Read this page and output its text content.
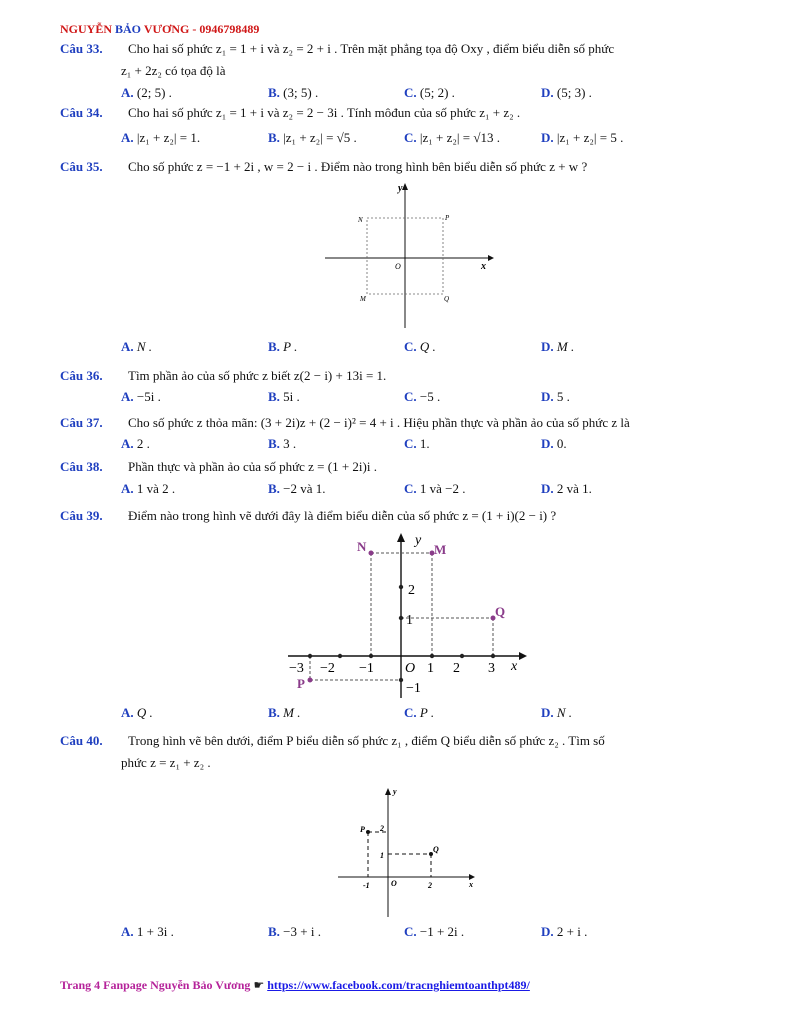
NGUYỄN BẢO VƯƠNG - 0946798489
Câu 33. Cho hai số phức z₁ = 1 + i và z₂ = 2 + i . Trên mặt phẳng tọa độ Oxy , điểm biểu diễn số phức
z₁ + 2z₂ có tọa độ là
A. (2; 5) .	B. (3; 5) .	C. (5; 2) .	D. (5; 3) .
Câu 34. Cho hai số phức z₁ = 1 + i và z₂ = 2 − 3i . Tính môđun của số phức z₁ + z₂ .
A. |z₁ + z₂| = 1.	B. |z₁ + z₂| = √5 .	C. |z₁ + z₂| = √13 .	D. |z₁ + z₂| = 5 .
Câu 35. Cho số phức z = −1 + 2i , w = 2 − i . Điểm nào trong hình bên biểu diễn số phức z + w ?
y
x
O
N	P
M	Q
A. N .	B. P .	C. Q .	D. M .
Câu 36. Tìm phần ảo của số phức z biết z(2 − i) + 13i = 1.
A. −5i .	B. 5i .	C. −5 .	D. 5 .
Câu 37. Cho số phức z thỏa mãn: (3 + 2i)z + (2 − i)² = 4 + i . Hiệu phần thực và phần ảo của số phức z là
A. 2 .	B. 3 .	C. 1.	D. 0.
Câu 38. Phần thực và phần ảo của số phức z = (1 + 2i)i .
A. 1 và 2 .	B. −2 và 1.	C. 1 và −2 .	D. 2 và 1.
Câu 39. Điểm nào trong hình vẽ dưới đây là điểm biểu diễn của số phức z = (1 + i)(2 − i) ?
N	M
Q
P
y
x
O
−3 −2 −1	1 2 3
2
1
−1
A. Q .	B. M .	C. P .	D. N .
Câu 40. Trong hình vẽ bên dưới, điểm P biểu diễn số phức z₁ , điểm Q biểu diễn số phức z₂ . Tìm số
phức z = z₁ + z₂ .
y
x
O
P
Q
2
1
-1	2
A. 1 + 3i .	B. −3 + i .	C. −1 + 2i .	D. 2 + i .
Trang 4 Fanpage Nguyễn Bảo Vương ☛ https://www.facebook.com/tracnghiemtoanthpt489/
